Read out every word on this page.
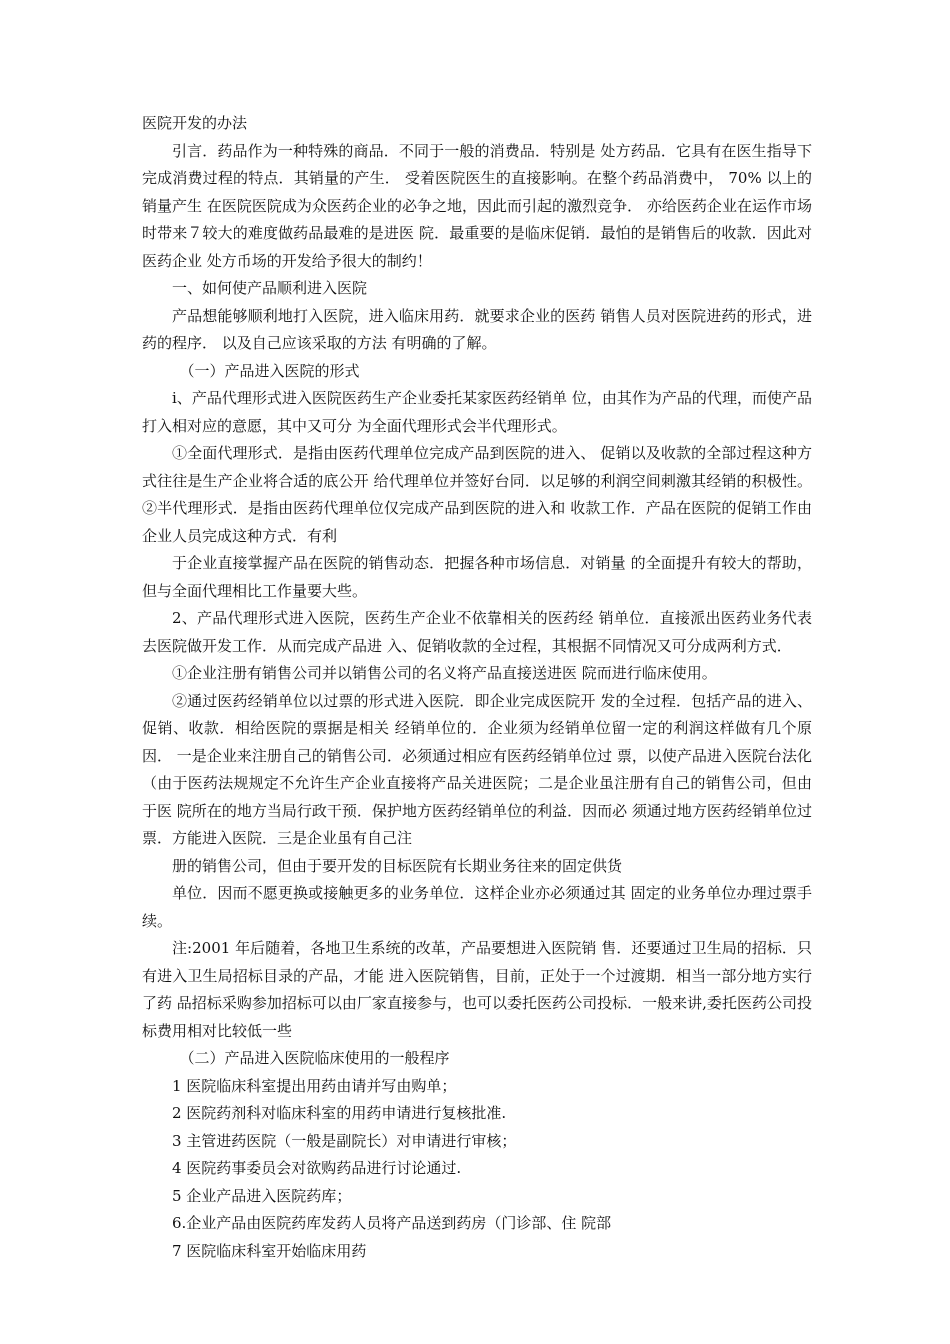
医院开发的办法

引言．药品作为一种特殊的商品．不同于一般的消费品．特别是 处方药品．它具有在医生指导下完成消费过程的特点．其销量的产生． 受着医院医生的直接影响。在整个药品消费中， 70% 以上的销量产生 在医院医院成为众医药企业的必争之地，因此而引起的激烈竞争． 亦给医药企业在运作市场时带来７较大的难度做药品最难的是进医 院．最重要的是临床促销．最怕的是销售后的收款．因此对医药企业 处方币场的开发给予很大的制约！

一、如何使产品顺利进入医院

产品想能够顺利地打入医院，进入临床用药．就要求企业的医药 销售人员对医院进药的形式，进药的程序． 以及自己应该采取的方法 有明确的了解。

（一）产品进入医院的形式

i、产品代理形式进入医院医药生产企业委托某家医药经销单 位，由其作为产品的代理，而使产品打入相对应的意愿，其中又可分 为全面代理形式会半代理形式。

①全面代理形式．是指由医药代理单位完成产品到医院的进入、 促销以及收款的全部过程这种方式往往是生产企业将合适的底公开 给代理单位并签好台同．以足够的利润空间刺激其经销的积极性。 ②半代理形式．是指由医药代理单位仅完成产品到医院的进入和 收款工作．产品在医院的促销工作由企业人员完成这种方式．有利

于企业直接掌握产品在医院的销售动态．把握各种市场信息．对销量 的全面提升有较大的帮助，但与全面代理相比工作量要大些。

2、产品代理形式进入医院，医药生产企业不依靠相关的医药经 销单位．直接派出医药业务代表去医院做开发工作．从而完成产品进 入、促销收款的全过程，其根据不同情况又可分成两利方式．

①企业注册有销售公司并以销售公司的名义将产品直接送进医 院而进行临床使用。

②通过医药经销单位以过票的形式进入医院．即企业完成医院开 发的全过程．包括产品的进入、促销、收款．相给医院的票据是相关 经销单位的．企业须为经销单位留一定的利润这样做有几个原因． 一是企业来注册自己的销售公司．必须通过相应有医药经销单位过 票，以使产品进入医院台法化（由于医药法规规定不允许生产企业直接将产品关进医院；二是企业虽注册有自己的销售公司，但由于医 院所在的地方当局行政干预．保护地方医药经销单位的利益．因而必 须通过地方医药经销单位过票．方能进入医院．三是企业虽有自己注

册的销售公司，但由于要开发的目标医院有长期业务往来的固定供货

单位．因而不愿更换或接触更多的业务单位．这样企业亦必须通过其 固定的业务单位办理过票手续。

注:2001 年后随着，各地卫生系统的改革，产品要想进入医院销 售．还要通过卫生局的招标．只有进入卫生局招标目录的产品，才能 进入医院销售，目前，正处于一个过渡期．相当一部分地方实行了药 品招标采购参加招标可以由厂家直接参与，也可以委托医药公司投标．一般来讲,委托医药公司投标费用相对比较低一些

（二）产品进入医院临床使用的一般程序

1 医院临床科室提出用药由请并写由购单；

2 医院药剂科对临床科室的用药申请进行复核批准.

3 主管进药医院（一般是副院长）对申请进行审核；

4 医院药事委员会对欲购药品进行讨论通过.

5 企业产品进入医院药库；

6.企业产品由医院药库发药人员将产品送到药房（门诊部、住 院部

7 医院临床科室开始临床用药
